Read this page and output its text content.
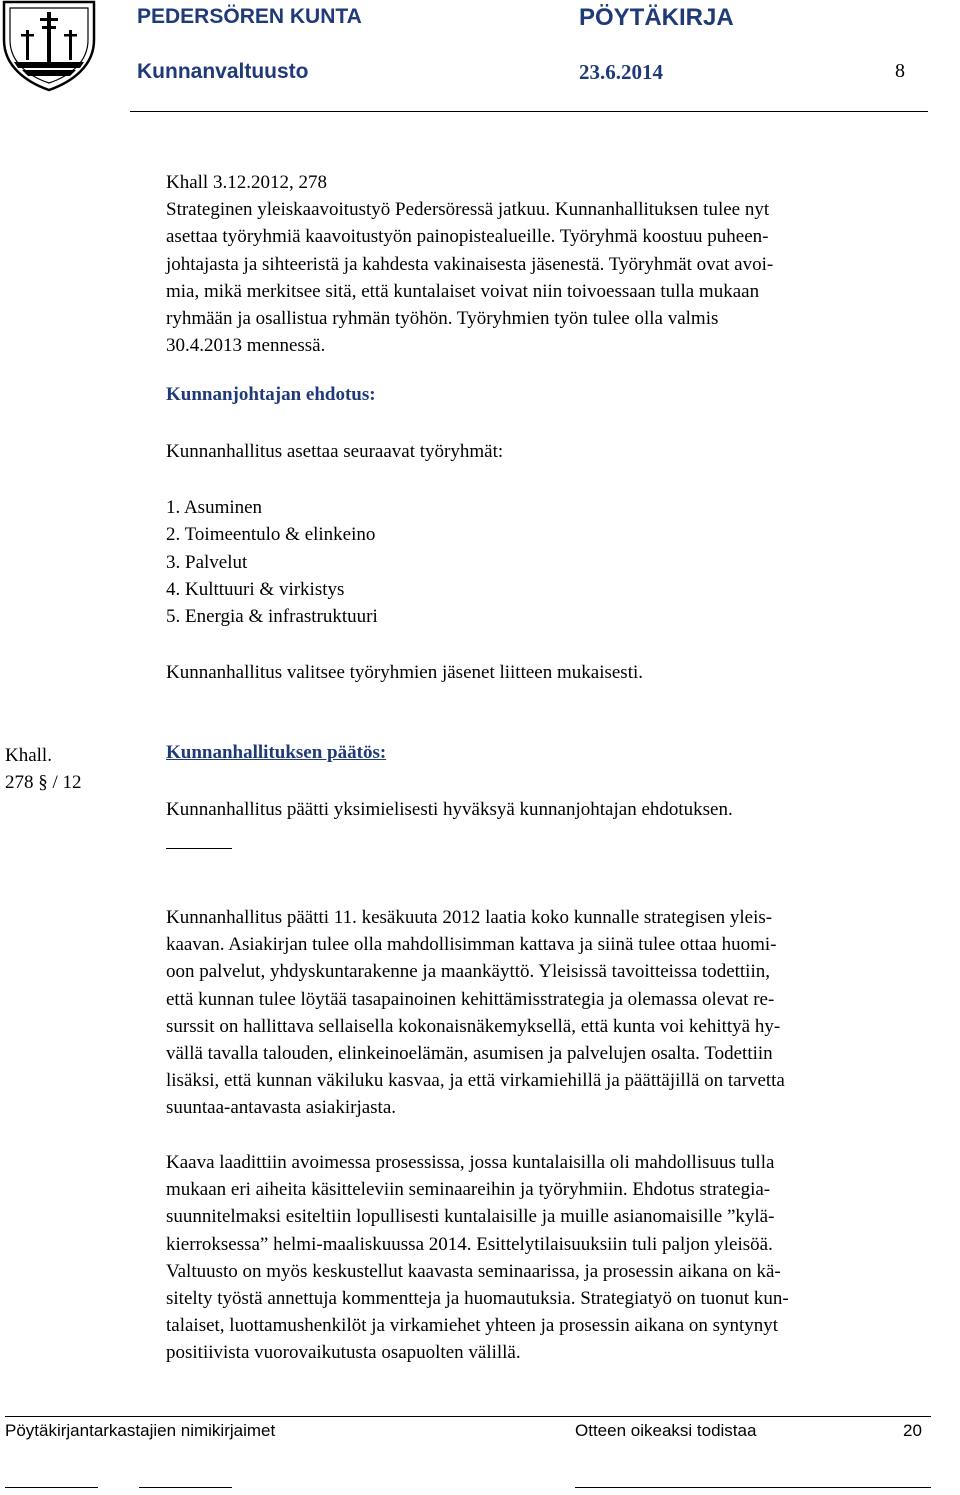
PEDERSÖREN KUNTA	PÖYTÄKIRJA
Kunnanvaltuusto	23.6.2014	8

Khall 3.12.2012, 278

Strateginen yleiskaavoitustyö Pedersöressä jatkuu. Kunnanhallituksen tulee nyt

asettaa työryhmiä kaavoitustyön painopistealueille. Työryhmä koostuu puheen-

johtajasta ja sihteeristä ja kahdesta vakinaisesta jäsenestä. Työryhmät ovat avoi-

mia, mikä merkitsee sitä, että kuntalaiset voivat niin toivoessaan tulla mukaan

ryhmään ja osallistua ryhmän työhön. Työryhmien työn tulee olla valmis

30.4.2013 mennessä.

Kunnanjohtajan ehdotus:
Kunnanhallitus asettaa seuraavat työryhmät:
1. Asuminen
2. Toimeentulo & elinkeino
3. Palvelut
4. Kulttuuri & virkistys
5. Energia & infrastruktuuri
Kunnanhallitus valitsee työryhmien jäsenet liitteen mukaisesti.

Khall.

278 § / 12

Kunnanhallituksen päätös:
Kunnanhallitus päätti yksimielisesti hyväksyä kunnanjohtajan ehdotuksen.

Kunnanhallitus päätti 11. kesäkuuta 2012 laatia koko kunnalle strategisen yleis-

kaavan. Asiakirjan tulee olla mahdollisimman kattava ja siinä tulee ottaa huomi-

oon palvelut, yhdyskuntarakenne ja maankäyttö. Yleisissä tavoitteissa todettiin,

että kunnan tulee löytää tasapainoinen kehittämisstrategia ja olemassa olevat re-

surssit on hallittava sellaisella kokonaisnäkemyksellä, että kunta voi kehittyä hy-

vällä tavalla talouden, elinkeinoelämän, asumisen ja palvelujen osalta. Todettiin

lisäksi, että kunnan väkiluku kasvaa, ja että virkamiehillä ja päättäjillä on tarvetta

suuntaa-antavasta asiakirjasta.

Kaava laadittiin avoimessa prosessissa, jossa kuntalaisilla oli mahdollisuus tulla

mukaan eri aiheita käsitteleviin seminaareihin ja työryhmiin. Ehdotus strategia-

suunnitelmaksi esiteltiin lopullisesti kuntalaisille ja muille asianomaisille ”kylä-

kierroksessa” helmi-maaliskuussa 2014. Esittelytilaisuuksiin tuli paljon yleisöä.

Valtuusto on myös keskustellut kaavasta seminaarissa, ja prosessin aikana on kä-

sitelty työstä annettuja kommentteja ja huomautuksia. Strategiatyö on tuonut kun-

talaiset, luottamushenkilöt ja virkamiehet yhteen ja prosessin aikana on syntynyt

positiivista vuorovaikutusta osapuolten välillä.

Pöytäkirjantarkastajien nimikirjaimet	Otteen oikeaksi todistaa	20
